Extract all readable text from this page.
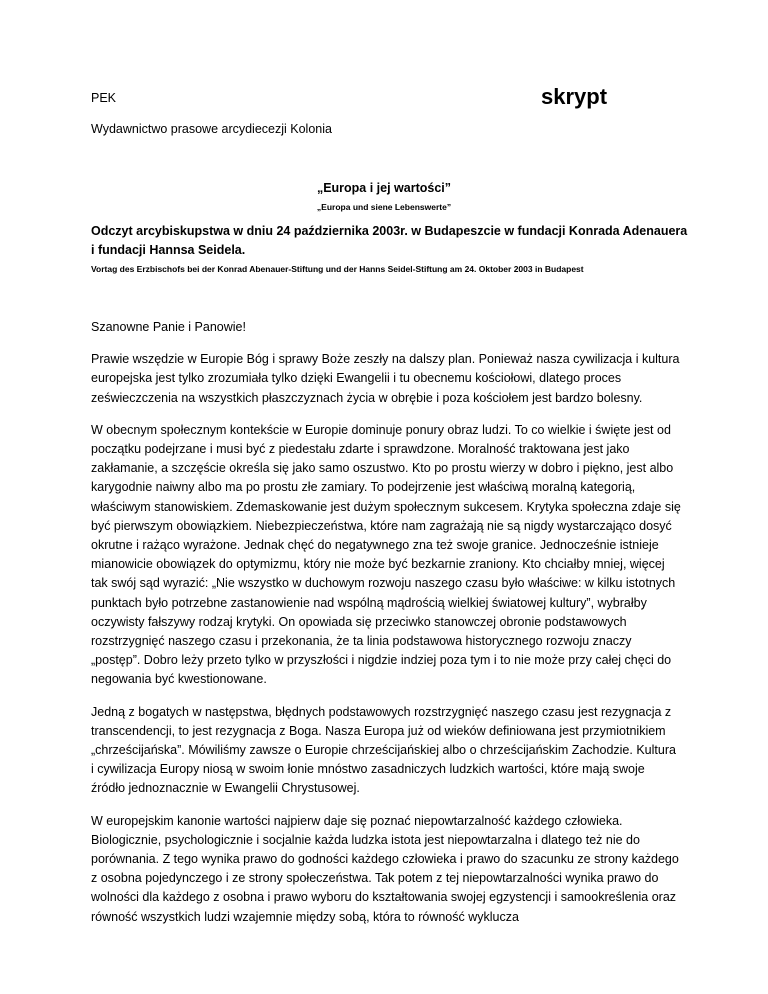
PEK	skrypt
Wydawnictwo prasowe arcydiecezji Kolonia
„Europa i jej wartości”
„Europa und siene Lebenswerte”
Odczyt arcybiskupstwa w dniu 24 października 2003r. w Budapeszcie w fundacji Konrada Adenauera i fundacji Hannsa Seidela.
Vortag des Erzbischofs bei der Konrad Abenauer-Stiftung und der Hanns Seidel-Stiftung am 24. Oktober 2003 in Budapest

Szanowne Panie i Panowie!

Prawie wszędzie w Europie Bóg i sprawy Boże zeszły na dalszy plan. Ponieważ nasza cywilizacja i kultura europejska jest tylko zrozumiała tylko dzięki Ewangelii i tu obecnemu kościołowi, dlatego proces ześwieczczenia na wszystkich płaszczyznach życia w obrębie i poza kościołem jest bardzo bolesny.

W obecnym społecznym kontekście w Europie dominuje ponury obraz ludzi. To co wielkie i święte jest od początku podejrzane i musi być z piedestału zdarte i sprawdzone. Moralność traktowana jest jako zakłamanie, a szczęście określa się jako samo oszustwo. Kto po prostu wierzy w dobro i piękno, jest albo karygodnie naiwny albo ma po prostu złe zamiary. To podejrzenie jest właściwą moralną kategorią, właściwym stanowiskiem. Zdemaskowanie jest dużym społecznym sukcesem. Krytyka społeczna zdaje się być pierwszym obowiązkiem. Niebezpieczeństwa, które nam zagrażają nie są nigdy wystarczająco dosyć okrutne i rażąco wyrażone. Jednak chęć do negatywnego zna też swoje granice. Jednocześnie istnieje mianowicie obowiązek do optymizmu, który nie może być bezkarnie zraniony. Kto chciałby mniej, więcej tak swój sąd wyrazić: „Nie wszystko w duchowym rozwoju naszego czasu było właściwe: w kilku istotnych punktach było potrzebne zastanowienie nad wspólną mądrością wielkiej światowej kultury”, wybrałby oczywisty fałszywy rodzaj krytyki. On opowiada się przeciwko stanowczej obronie podstawowych rozstrzygnięć naszego czasu i przekonania, że ta linia podstawowa historycznego rozwoju znaczy „postęp”. Dobro leży przeto tylko w przyszłości i nigdzie indziej poza tym i to nie może przy całej chęci do negowania być kwestionowane.

Jedną z bogatych w następstwa, błędnych podstawowych rozstrzygnięć naszego czasu jest rezygnacja z transcendencji, to jest rezygnacja z Boga. Nasza Europa już od wieków definiowana jest przymiotnikiem „chrześcijańska”. Mówiliśmy zawsze o Europie chrześcijańskiej albo o chrześcijańskim Zachodzie. Kultura i cywilizacja Europy niosą w swoim łonie mnóstwo zasadniczych ludzkich wartości, które mają swoje źródło jednoznacznie w Ewangelii Chrystusowej.

W europejskim kanonie wartości najpierw daje się poznać niepowtarzalność każdego człowieka. Biologicznie, psychologicznie i socjalnie każda ludzka istota jest niepowtarzalna i dlatego też nie do porównania. Z tego wynika prawo do godności każdego człowieka i prawo do szacunku ze strony każdego z osobna pojedynczego i ze strony społeczeństwa. Tak potem z tej niepowtarzalności wynika prawo do wolności dla każdego z osobna i prawo wyboru do kształtowania swojej egzystencji i samookreślenia oraz równość wszystkich ludzi wzajemnie między sobą, która to równość wyklucza
